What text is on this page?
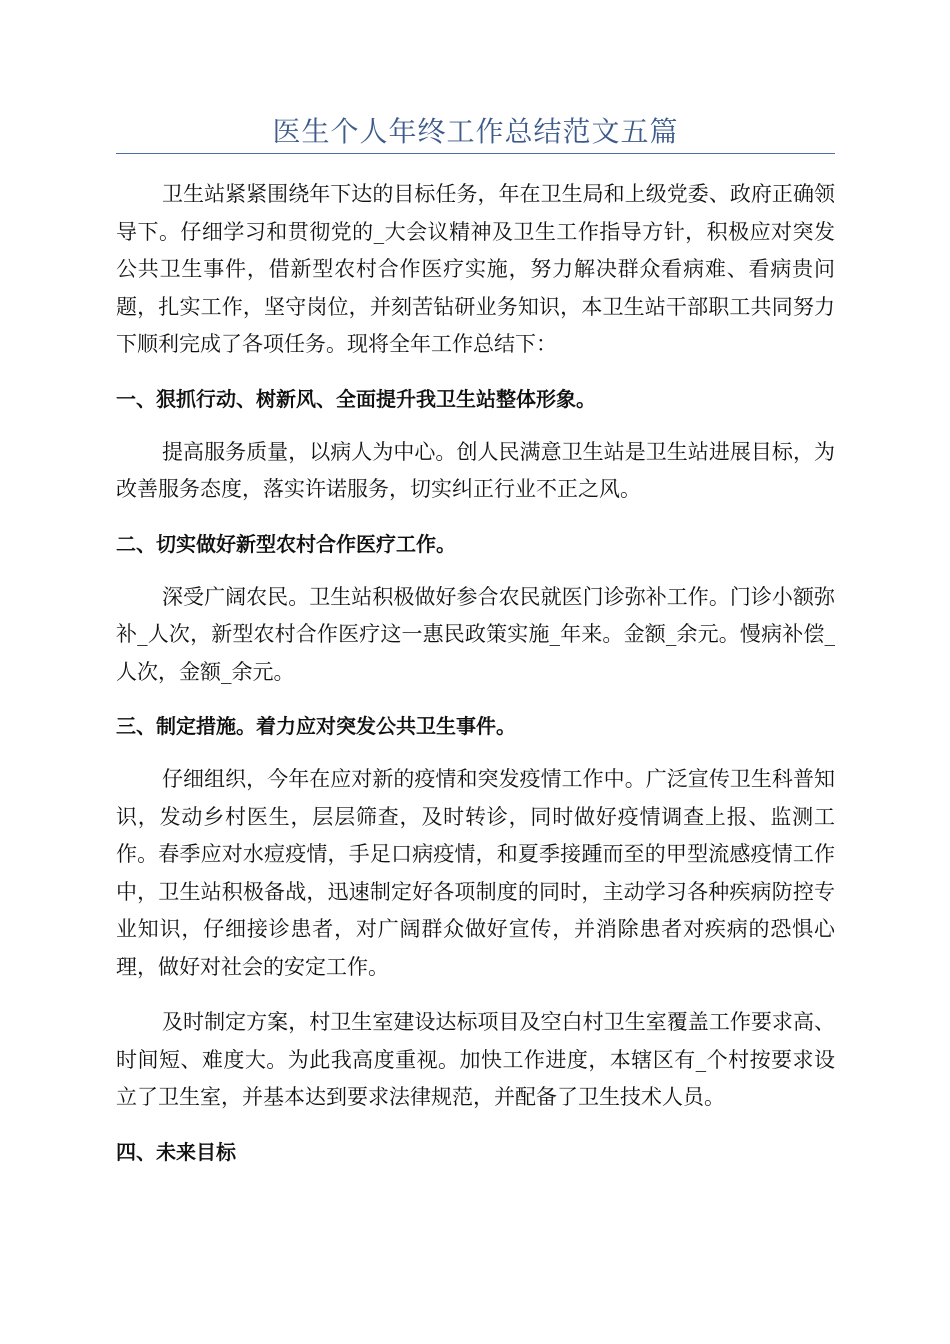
医生个人年终工作总结范文五篇

卫生站紧紧围绕年下达的目标任务，年在卫生局和上级党委、政府正确领导下。仔细学习和贯彻党的_大会议精神及卫生工作指导方针，积极应对突发公共卫生事件，借新型农村合作医疗实施，努力解决群众看病难、看病贵问题，扎实工作，坚守岗位，并刻苦钻研业务知识，本卫生站干部职工共同努力下顺利完成了各项任务。现将全年工作总结下：

一、狠抓行动、树新风、全面提升我卫生站整体形象。

提高服务质量，以病人为中心。创人民满意卫生站是卫生站进展目标，为改善服务态度，落实许诺服务，切实纠正行业不正之风。

二、切实做好新型农村合作医疗工作。

深受广阔农民。卫生站积极做好参合农民就医门诊弥补工作。门诊小额弥补_人次，新型农村合作医疗这一惠民政策实施_年来。金额_余元。慢病补偿_人次，金额_余元。

三、制定措施。着力应对突发公共卫生事件。

仔细组织，今年在应对新的疫情和突发疫情工作中。广泛宣传卫生科普知识，发动乡村医生，层层筛查，及时转诊，同时做好疫情调查上报、监测工作。春季应对水痘疫情，手足口病疫情，和夏季接踵而至的甲型流感疫情工作中，卫生站积极备战，迅速制定好各项制度的同时，主动学习各种疾病防控专业知识，仔细接诊患者，对广阔群众做好宣传，并消除患者对疾病的恐惧心理，做好对社会的安定工作。

及时制定方案，村卫生室建设达标项目及空白村卫生室覆盖工作要求高、时间短、难度大。为此我高度重视。加快工作进度，本辖区有_个村按要求设立了卫生室，并基本达到要求法律规范，并配备了卫生技术人员。

四、未来目标
